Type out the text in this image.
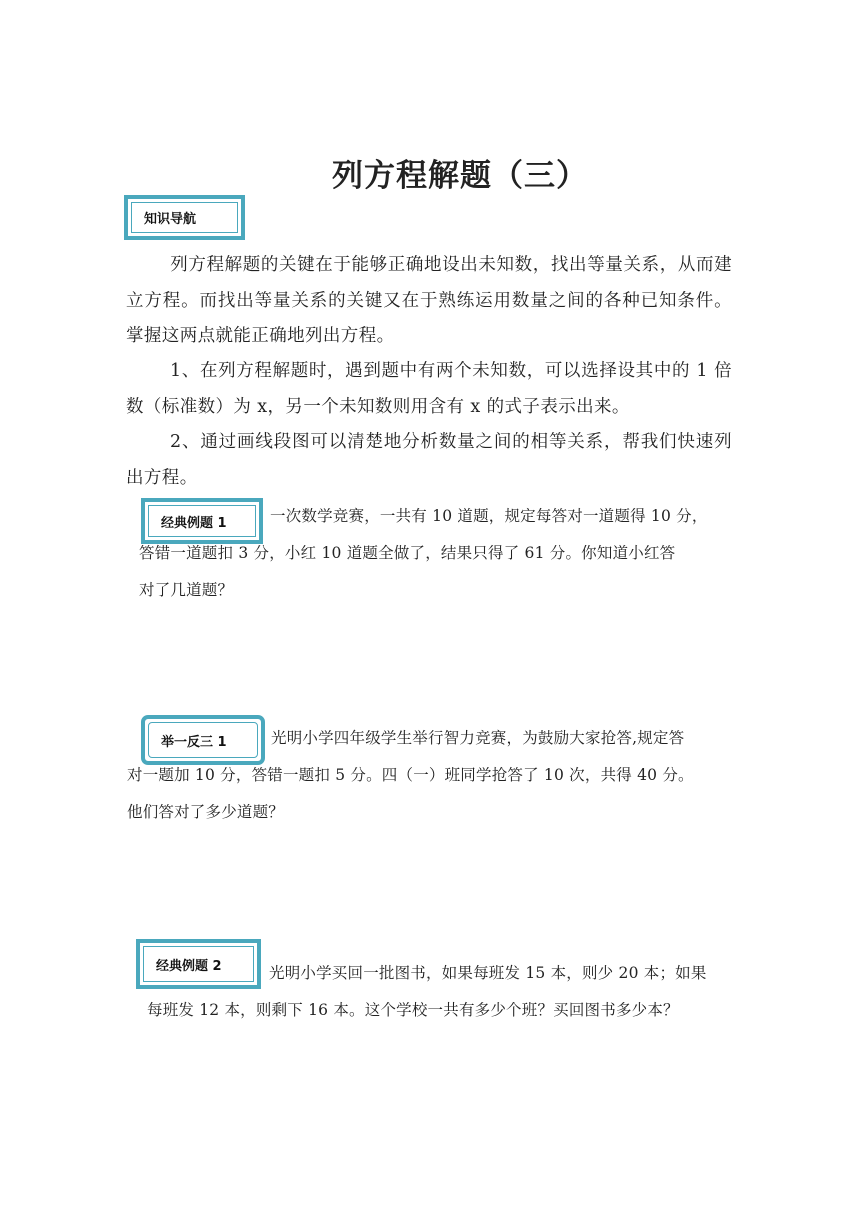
列方程解题（三）
知识导航
列方程解题的关键在于能够正确地设出未知数，找出等量关系，从而建立方程。而找出等量关系的关键又在于熟练运用数量之间的各种已知条件。掌握这两点就能正确地列出方程。
1、在列方程解题时，遇到题中有两个未知数，可以选择设其中的 1 倍数（标准数）为 x，另一个未知数则用含有 x 的式子表示出来。
2、通过画线段图可以清楚地分析数量之间的相等关系，帮我们快速列出方程。
经典例题 1	一次数学竞赛，一共有 10 道题，规定每答对一道题得 10 分，
答错一道题扣 3 分，小红 10 道题全做了，结果只得了 61 分。你知道小红答
对了几道题？
举一反三 1	光明小学四年级学生举行智力竞赛，为鼓励大家抢答,规定答
对一题加 10 分，答错一题扣 5 分。四（一）班同学抢答了 10 次，共得 40 分。
他们答对了多少道题？
经典例题 2	光明小学买回一批图书，如果每班发 15 本，则少 20 本；如果
每班发 12 本，则剩下 16 本。这个学校一共有多少个班？买回图书多少本？
